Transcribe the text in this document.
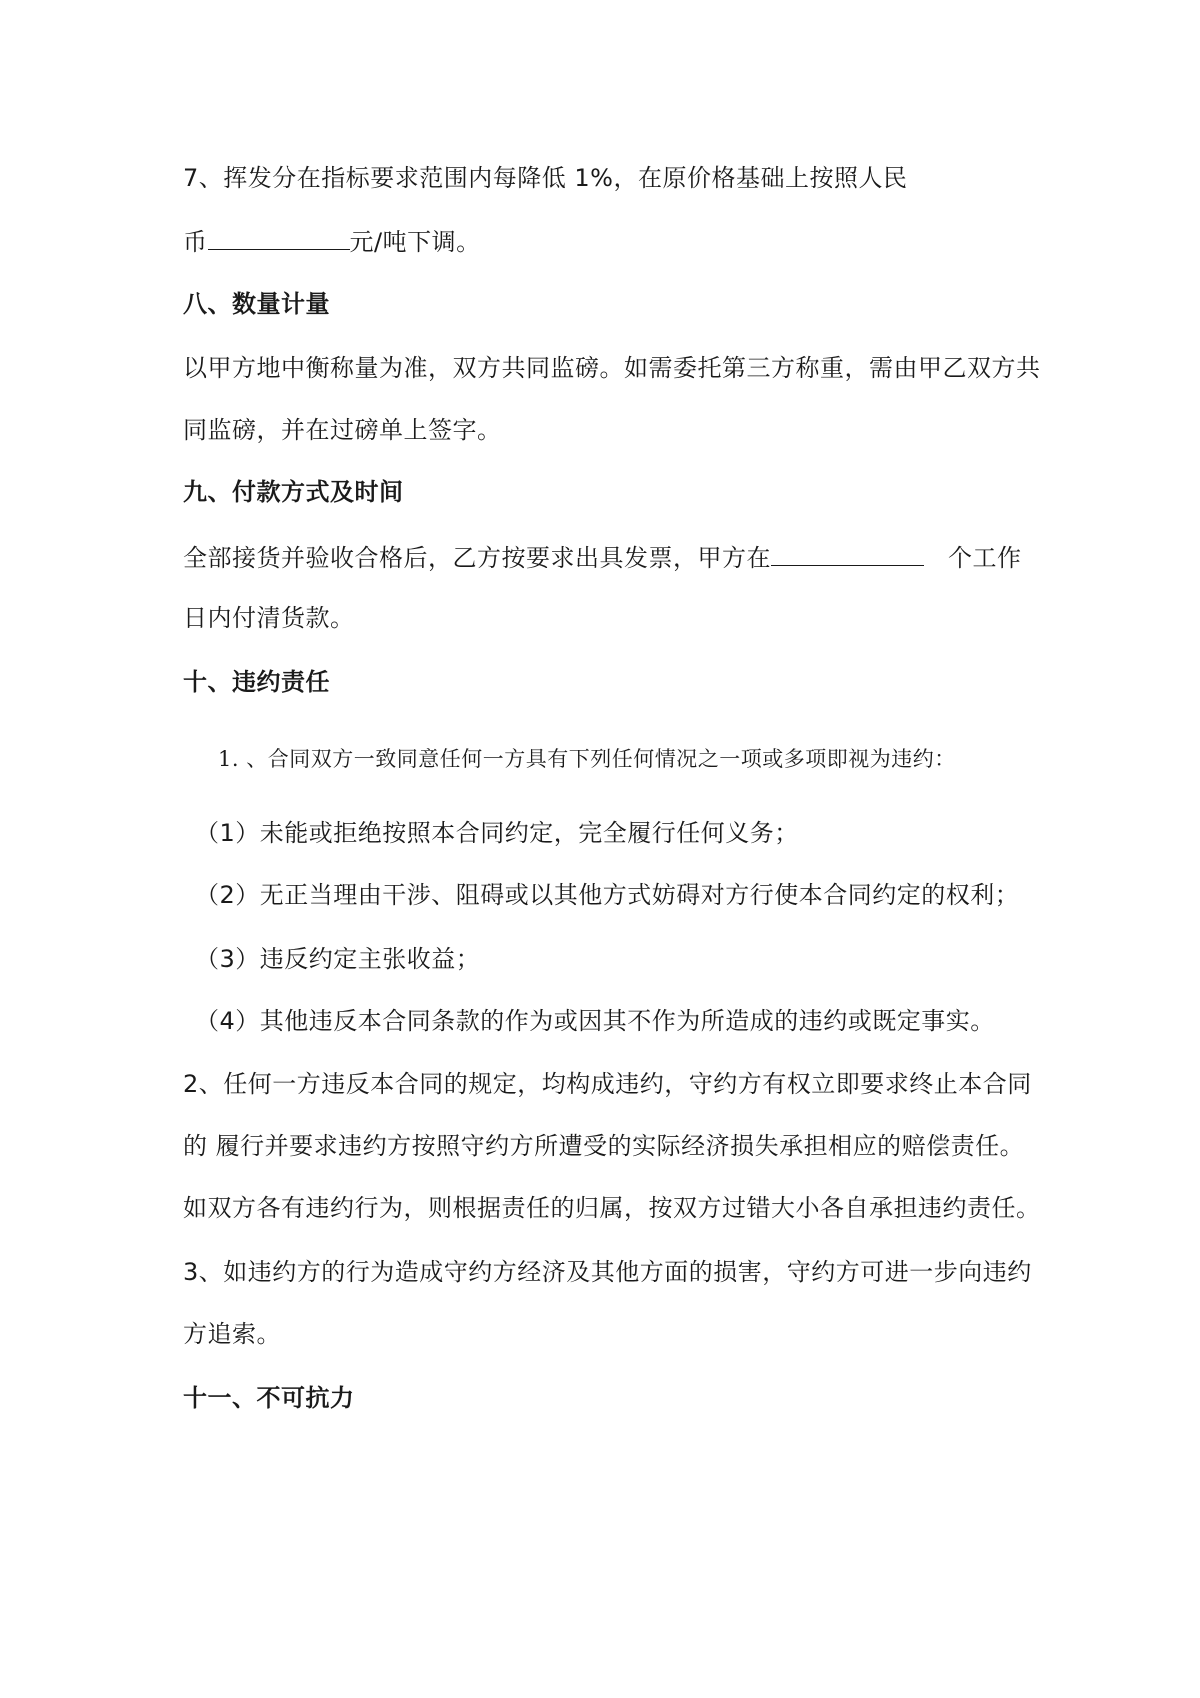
7、挥发分在指标要求范围内每降低 1%，在原价格基础上按照人民
币	元/吨下调。
八、数量计量
以甲方地中衡称量为准，双方共同监磅。如需委托第三方称重，需由甲乙双方共
同监磅，并在过磅单上签字。
九、付款方式及时间
全部接货并验收合格后，乙方按要求出具发票，甲方在	个工作
日内付清货款。
十、违约责任
1. 、合同双方一致同意任何一方具有下列任何情况之一项或多项即视为违约：
（1）未能或拒绝按照本合同约定，完全履行任何义务；
（2）无正当理由干涉、阻碍或以其他方式妨碍对方行使本合同约定的权利；
（3）违反约定主张收益；
（4）其他违反本合同条款的作为或因其不作为所造成的违约或既定事实。
2、任何一方违反本合同的规定，均构成违约，守约方有权立即要求终止本合同
的 履行并要求违约方按照守约方所遭受的实际经济损失承担相应的赔偿责任。
如双方各有违约行为，则根据责任的归属，按双方过错大小各自承担违约责任。
3、如违约方的行为造成守约方经济及其他方面的损害，守约方可进一步向违约
方追索。
十一、不可抗力
